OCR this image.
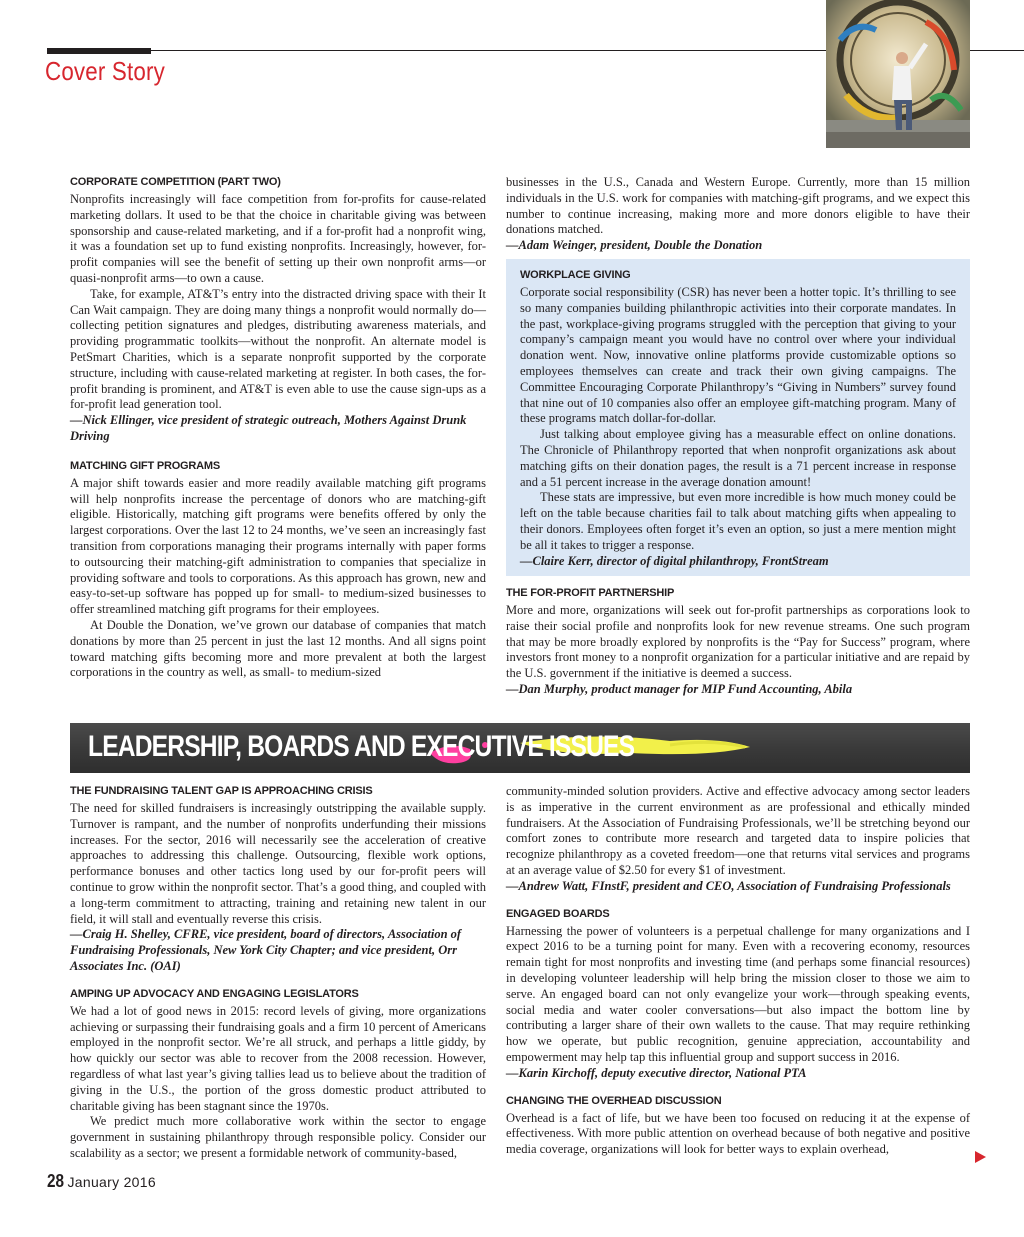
Cover Story
CORPORATE COMPETITION (PART TWO)

Nonprofits increasingly will face competition from for-profits for cause-related marketing dollars. It used to be that the choice in charitable giving was between sponsorship and cause-related marketing, and if a for-profit had a nonprofit wing, it was a foundation set up to fund existing nonprofits. Increasingly, however, for-profit companies will see the benefit of setting up their own nonprofit arms—or quasi-nonprofit arms—to own a cause.

Take, for example, AT&T’s entry into the distracted driving space with their It Can Wait campaign. They are doing many things a nonprofit would normally do—collecting petition signatures and pledges, distributing awareness materials, and providing programmatic toolkits—without the nonprofit. An alternate model is PetSmart Charities, which is a separate nonprofit supported by the corporate structure, including with cause-related marketing at register. In both cases, the for-profit branding is prominent, and AT&T is even able to use the cause sign-ups as a for-profit lead generation tool.

—Nick Ellinger, vice president of strategic outreach, Mothers Against Drunk Driving

MATCHING GIFT PROGRAMS

A major shift towards easier and more readily available matching gift programs will help nonprofits increase the percentage of donors who are matching-gift eligible. Historically, matching gift programs were benefits offered by only the largest corporations. Over the last 12 to 24 months, we’ve seen an increasingly fast transition from corporations managing their programs internally with paper forms to outsourcing their matching-gift administration to companies that specialize in providing software and tools to corporations. As this approach has grown, new and easy-to-set-up software has popped up for small- to medium-sized businesses to offer streamlined matching gift programs for their employees.

At Double the Donation, we’ve grown our database of companies that match donations by more than 25 percent in just the last 12 months. And all signs point toward matching gifts becoming more and more prevalent at both the largest corporations in the country as well, as small- to medium-sized

businesses in the U.S., Canada and Western Europe. Currently, more than 15 million individuals in the U.S. work for companies with matching-gift programs, and we expect this number to continue increasing, making more and more donors eligible to have their donations matched.

—Adam Weinger, president, Double the Donation

WORKPLACE GIVING

Corporate social responsibility (CSR) has never been a hotter topic. It’s thrilling to see so many companies building philanthropic activities into their corporate mandates. In the past, workplace-giving programs struggled with the perception that giving to your company’s campaign meant you would have no control over where your individual donation went. Now, innovative online platforms provide customizable options so employees themselves can create and track their own giving campaigns. The Committee Encouraging Corporate Philanthropy’s “Giving in Numbers” survey found that nine out of 10 companies also offer an employee gift-matching program. Many of these programs match dollar-for-dollar.

Just talking about employee giving has a measurable effect on online donations. The Chronicle of Philanthropy reported that when nonprofit organizations ask about matching gifts on their donation pages, the result is a 71 percent increase in response and a 51 percent increase in the average donation amount!

These stats are impressive, but even more incredible is how much money could be left on the table because charities fail to talk about matching gifts when appealing to their donors. Employees often forget it’s even an option, so just a mere mention might be all it takes to trigger a response.

—Claire Kerr, director of digital philanthropy, FrontStream

THE FOR-PROFIT PARTNERSHIP

More and more, organizations will seek out for-profit partnerships as corporations look to raise their social profile and nonprofits look for new revenue streams. One such program that may be more broadly explored by nonprofits is the “Pay for Success” program, where investors front money to a nonprofit organization for a particular initiative and are repaid by the U.S. government if the initiative is deemed a success.

—Dan Murphy, product manager for MIP Fund Accounting, Abila

LEADERSHIP, BOARDS AND EXECUTIVE ISSUES
THE FUNDRAISING TALENT GAP IS APPROACHING CRISIS

The need for skilled fundraisers is increasingly outstripping the available supply. Turnover is rampant, and the number of nonprofits underfunding their missions increases. For the sector, 2016 will necessarily see the acceleration of creative approaches to addressing this challenge. Outsourcing, flexible work options, performance bonuses and other tactics long used by our for-profit peers will continue to grow within the nonprofit sector. That’s a good thing, and coupled with a long-term commitment to attracting, training and retaining new talent in our field, it will stall and eventually reverse this crisis.

—Craig H. Shelley, CFRE, vice president, board of directors, Association of Fundraising Professionals, New York City Chapter; and vice president, Orr Associates Inc. (OAI)

AMPING UP ADVOCACY AND ENGAGING LEGISLATORS

We had a lot of good news in 2015: record levels of giving, more organizations achieving or surpassing their fundraising goals and a firm 10 percent of Americans employed in the nonprofit sector. We’re all struck, and perhaps a little giddy, by how quickly our sector was able to recover from the 2008 recession. However, regardless of what last year’s giving tallies lead us to believe about the tradition of giving in the U.S., the portion of the gross domestic product attributed to charitable giving has been stagnant since the 1970s.

We predict much more collaborative work within the sector to engage government in sustaining philanthropy through responsible policy. Consider our scalability as a sector; we present a formidable network of community-based,

community-minded solution providers. Active and effective advocacy among sector leaders is as imperative in the current environment as are professional and ethically minded fundraisers. At the Association of Fundraising Professionals, we’ll be stretching beyond our comfort zones to contribute more research and targeted data to inspire policies that recognize philanthropy as a coveted freedom—one that returns vital services and programs at an average value of $2.50 for every $1 of investment.

—Andrew Watt, FInstF, president and CEO, Association of Fundraising Professionals

ENGAGED BOARDS

Harnessing the power of volunteers is a perpetual challenge for many organizations and I expect 2016 to be a turning point for many. Even with a recovering economy, resources remain tight for most nonprofits and investing time (and perhaps some financial resources) in developing volunteer leadership will help bring the mission closer to those we aim to serve. An engaged board can not only evangelize your work—through speaking events, social media and water cooler conversations—but also impact the bottom line by contributing a larger share of their own wallets to the cause. That may require rethinking how we operate, but public recognition, genuine appreciation, accountability and empowerment may help tap this influential group and support success in 2016.

—Karin Kirchoff, deputy executive director, National PTA

CHANGING THE OVERHEAD DISCUSSION

Overhead is a fact of life, but we have been too focused on reducing it at the expense of effectiveness. With more public attention on overhead because of both negative and positive media coverage, organizations will look for better ways to explain overhead,

28 January 2016
